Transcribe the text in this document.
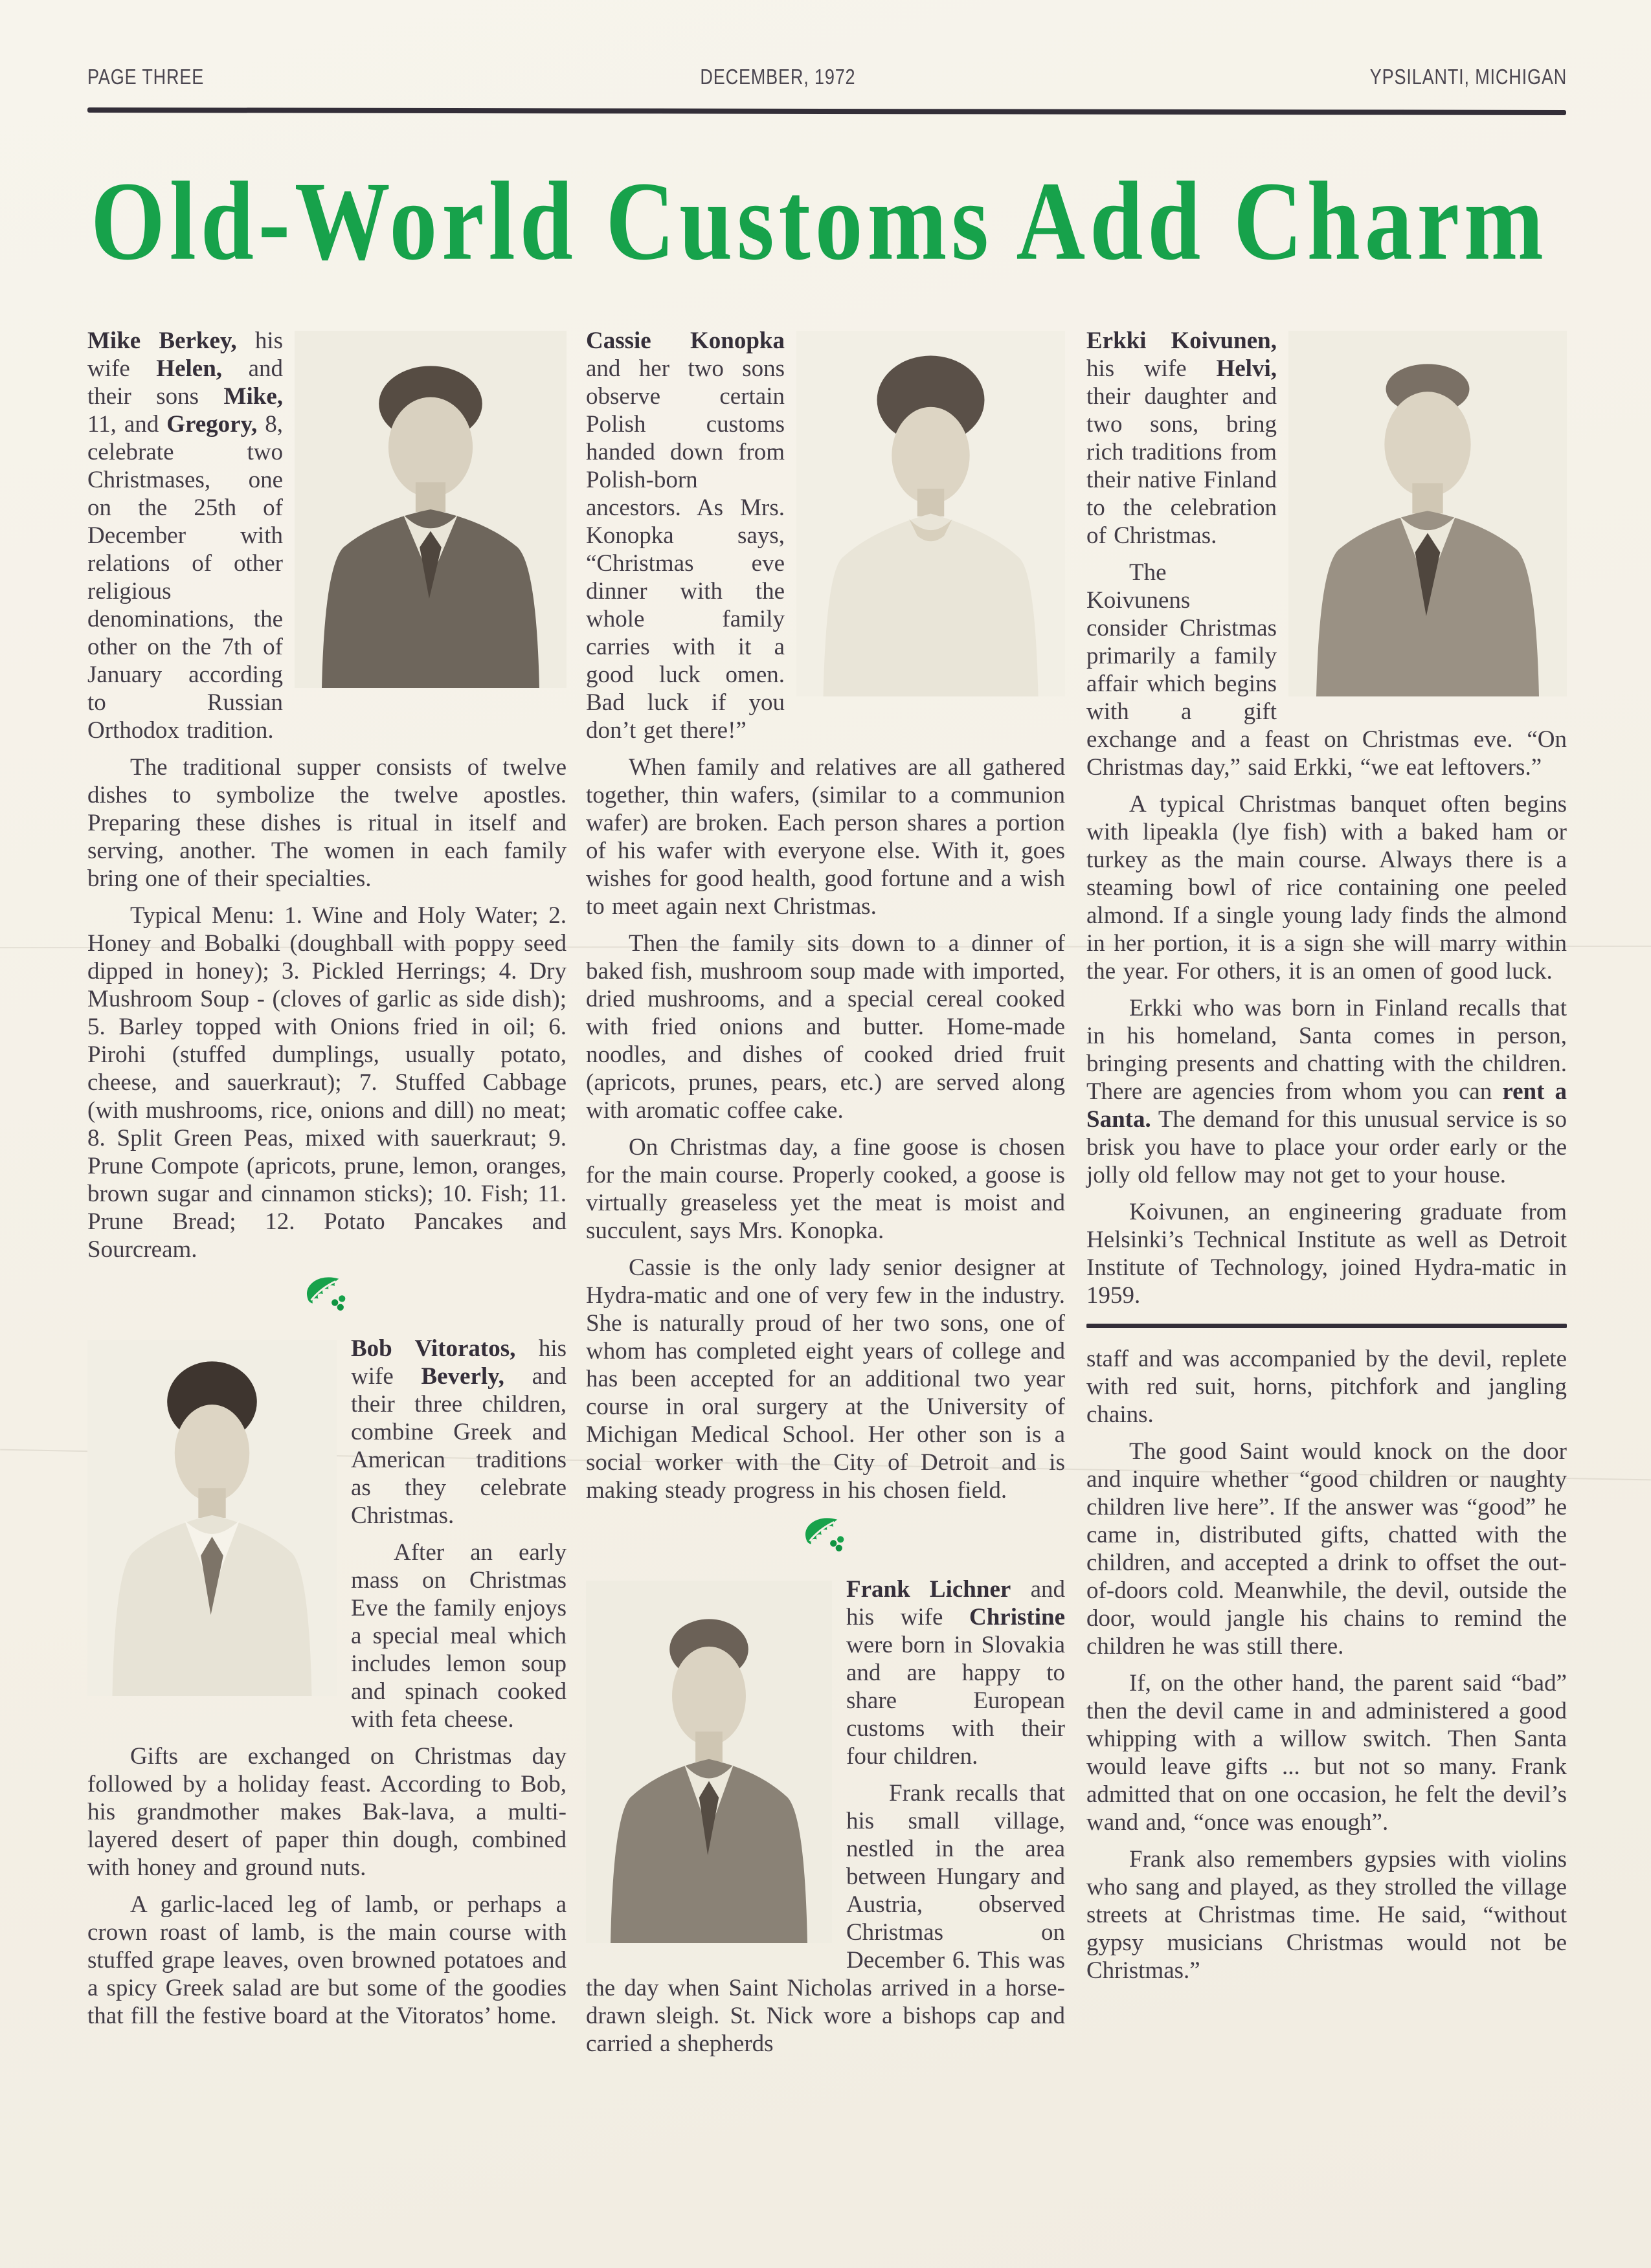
PAGE THREE	DECEMBER, 1972	YPSILANTI, MICHIGAN
Old-World Customs Add Charm

Mike Berkey, his wife Helen, and their sons Mike, 11, and Gregory, 8, celebrate two Christmases, one on the 25th of December with relations of other religious denominations, the other on the 7th of January according to Russian Orthodox tradition.

The traditional supper consists of twelve dishes to symbolize the twelve apostles. Preparing these dishes is ritual in itself and serving, another. The women in each family bring one of their specialties.

Typical Menu: 1. Wine and Holy Water; 2. Honey and Bobalki (doughball with poppy seed dipped in honey); 3. Pickled Herrings; 4. Dry Mushroom Soup - (cloves of garlic as side dish); 5. Barley topped with Onions fried in oil; 6. Pirohi (stuffed dumplings, usually potato, cheese, and sauerkraut); 7. Stuffed Cabbage (with mushrooms, rice, onions and dill) no meat; 8. Split Green Peas, mixed with sauerkraut; 9. Prune Compote (apricots, prune, lemon, oranges, brown sugar and cinnamon sticks); 10. Fish; 11. Prune Bread; 12. Potato Pancakes and Sourcream.

Bob Vitoratos, his wife Beverly, and their three children, combine Greek and American traditions as they celebrate Christmas.

After an early mass on Christmas Eve the family enjoys a special meal which includes lemon soup and spinach cooked with feta cheese.

Gifts are exchanged on Christmas day followed by a holiday feast. According to Bob, his grandmother makes Bak-lava, a multi-layered desert of paper thin dough, combined with honey and ground nuts.

A garlic-laced leg of lamb, or perhaps a crown roast of lamb, is the main course with stuffed grape leaves, oven browned potatoes and a spicy Greek salad are but some of the goodies that fill the festive board at the Vitoratos’ home.

Cassie Konopka and her two sons observe certain Polish customs handed down from Polish-born ancestors. As Mrs. Konopka says, “Christmas eve dinner with the whole family carries with it a good luck omen. Bad luck if you don’t get there!”

When family and relatives are all gathered together, thin wafers, (similar to a communion wafer) are broken. Each person shares a portion of his wafer with everyone else. With it, goes wishes for good health, good fortune and a wish to meet again next Christmas.

Then the family sits down to a dinner of baked fish, mushroom soup made with imported, dried mushrooms, and a special cereal cooked with fried onions and butter. Home-made noodles, and dishes of cooked dried fruit (apricots, prunes, pears, etc.) are served along with aromatic coffee cake.

On Christmas day, a fine goose is chosen for the main course. Properly cooked, a goose is virtually greaseless yet the meat is moist and succulent, says Mrs. Konopka.

Cassie is the only lady senior designer at Hydra-matic and one of very few in the industry. She is naturally proud of her two sons, one of whom has completed eight years of college and has been accepted for an additional two year course in oral surgery at the University of Michigan Medical School. Her other son is a social worker with the City of Detroit and is making steady progress in his chosen field.

Frank Lichner and his wife Christine were born in Slovakia and are happy to share European customs with their four children.

Frank recalls that his small village, nestled in the area between Hungary and Austria, observed Christmas on December 6. This was the day when Saint Nicholas arrived in a horse-drawn sleigh. St. Nick wore a bishops cap and carried a shepherds

Erkki Koivunen, his wife Helvi, their daughter and two sons, bring rich traditions from their native Finland to the celebration of Christmas.

The Koivunens consider Christmas primarily a family affair which begins with a gift exchange and a feast on Christmas eve. “On Christmas day,” said Erkki, “we eat leftovers.”

A typical Christmas banquet often begins with lipeakla (lye fish) with a baked ham or turkey as the main course. Always there is a steaming bowl of rice containing one peeled almond. If a single young lady finds the almond in her portion, it is a sign she will marry within the year. For others, it is an omen of good luck.

Erkki who was born in Finland recalls that in his homeland, Santa comes in person, bringing presents and chatting with the children. There are agencies from whom you can rent a Santa. The demand for this unusual service is so brisk you have to place your order early or the jolly old fellow may not get to your house.

Koivunen, an engineering graduate from Helsinki’s Technical Institute as well as Detroit Institute of Technology, joined Hydra-matic in 1959.

staff and was accompanied by the devil, replete with red suit, horns, pitchfork and jangling chains.

The good Saint would knock on the door and inquire whether “good children or naughty children live here”. If the answer was “good” he came in, distributed gifts, chatted with the children, and accepted a drink to offset the out-of-doors cold. Meanwhile, the devil, outside the door, would jangle his chains to remind the children he was still there.

If, on the other hand, the parent said “bad” then the devil came in and administered a good whipping with a willow switch. Then Santa would leave gifts ... but not so many. Frank admitted that on one occasion, he felt the devil’s wand and, “once was enough”.

Frank also remembers gypsies with violins who sang and played, as they strolled the village streets at Christmas time. He said, “without gypsy musicians Christmas would not be Christmas.”
